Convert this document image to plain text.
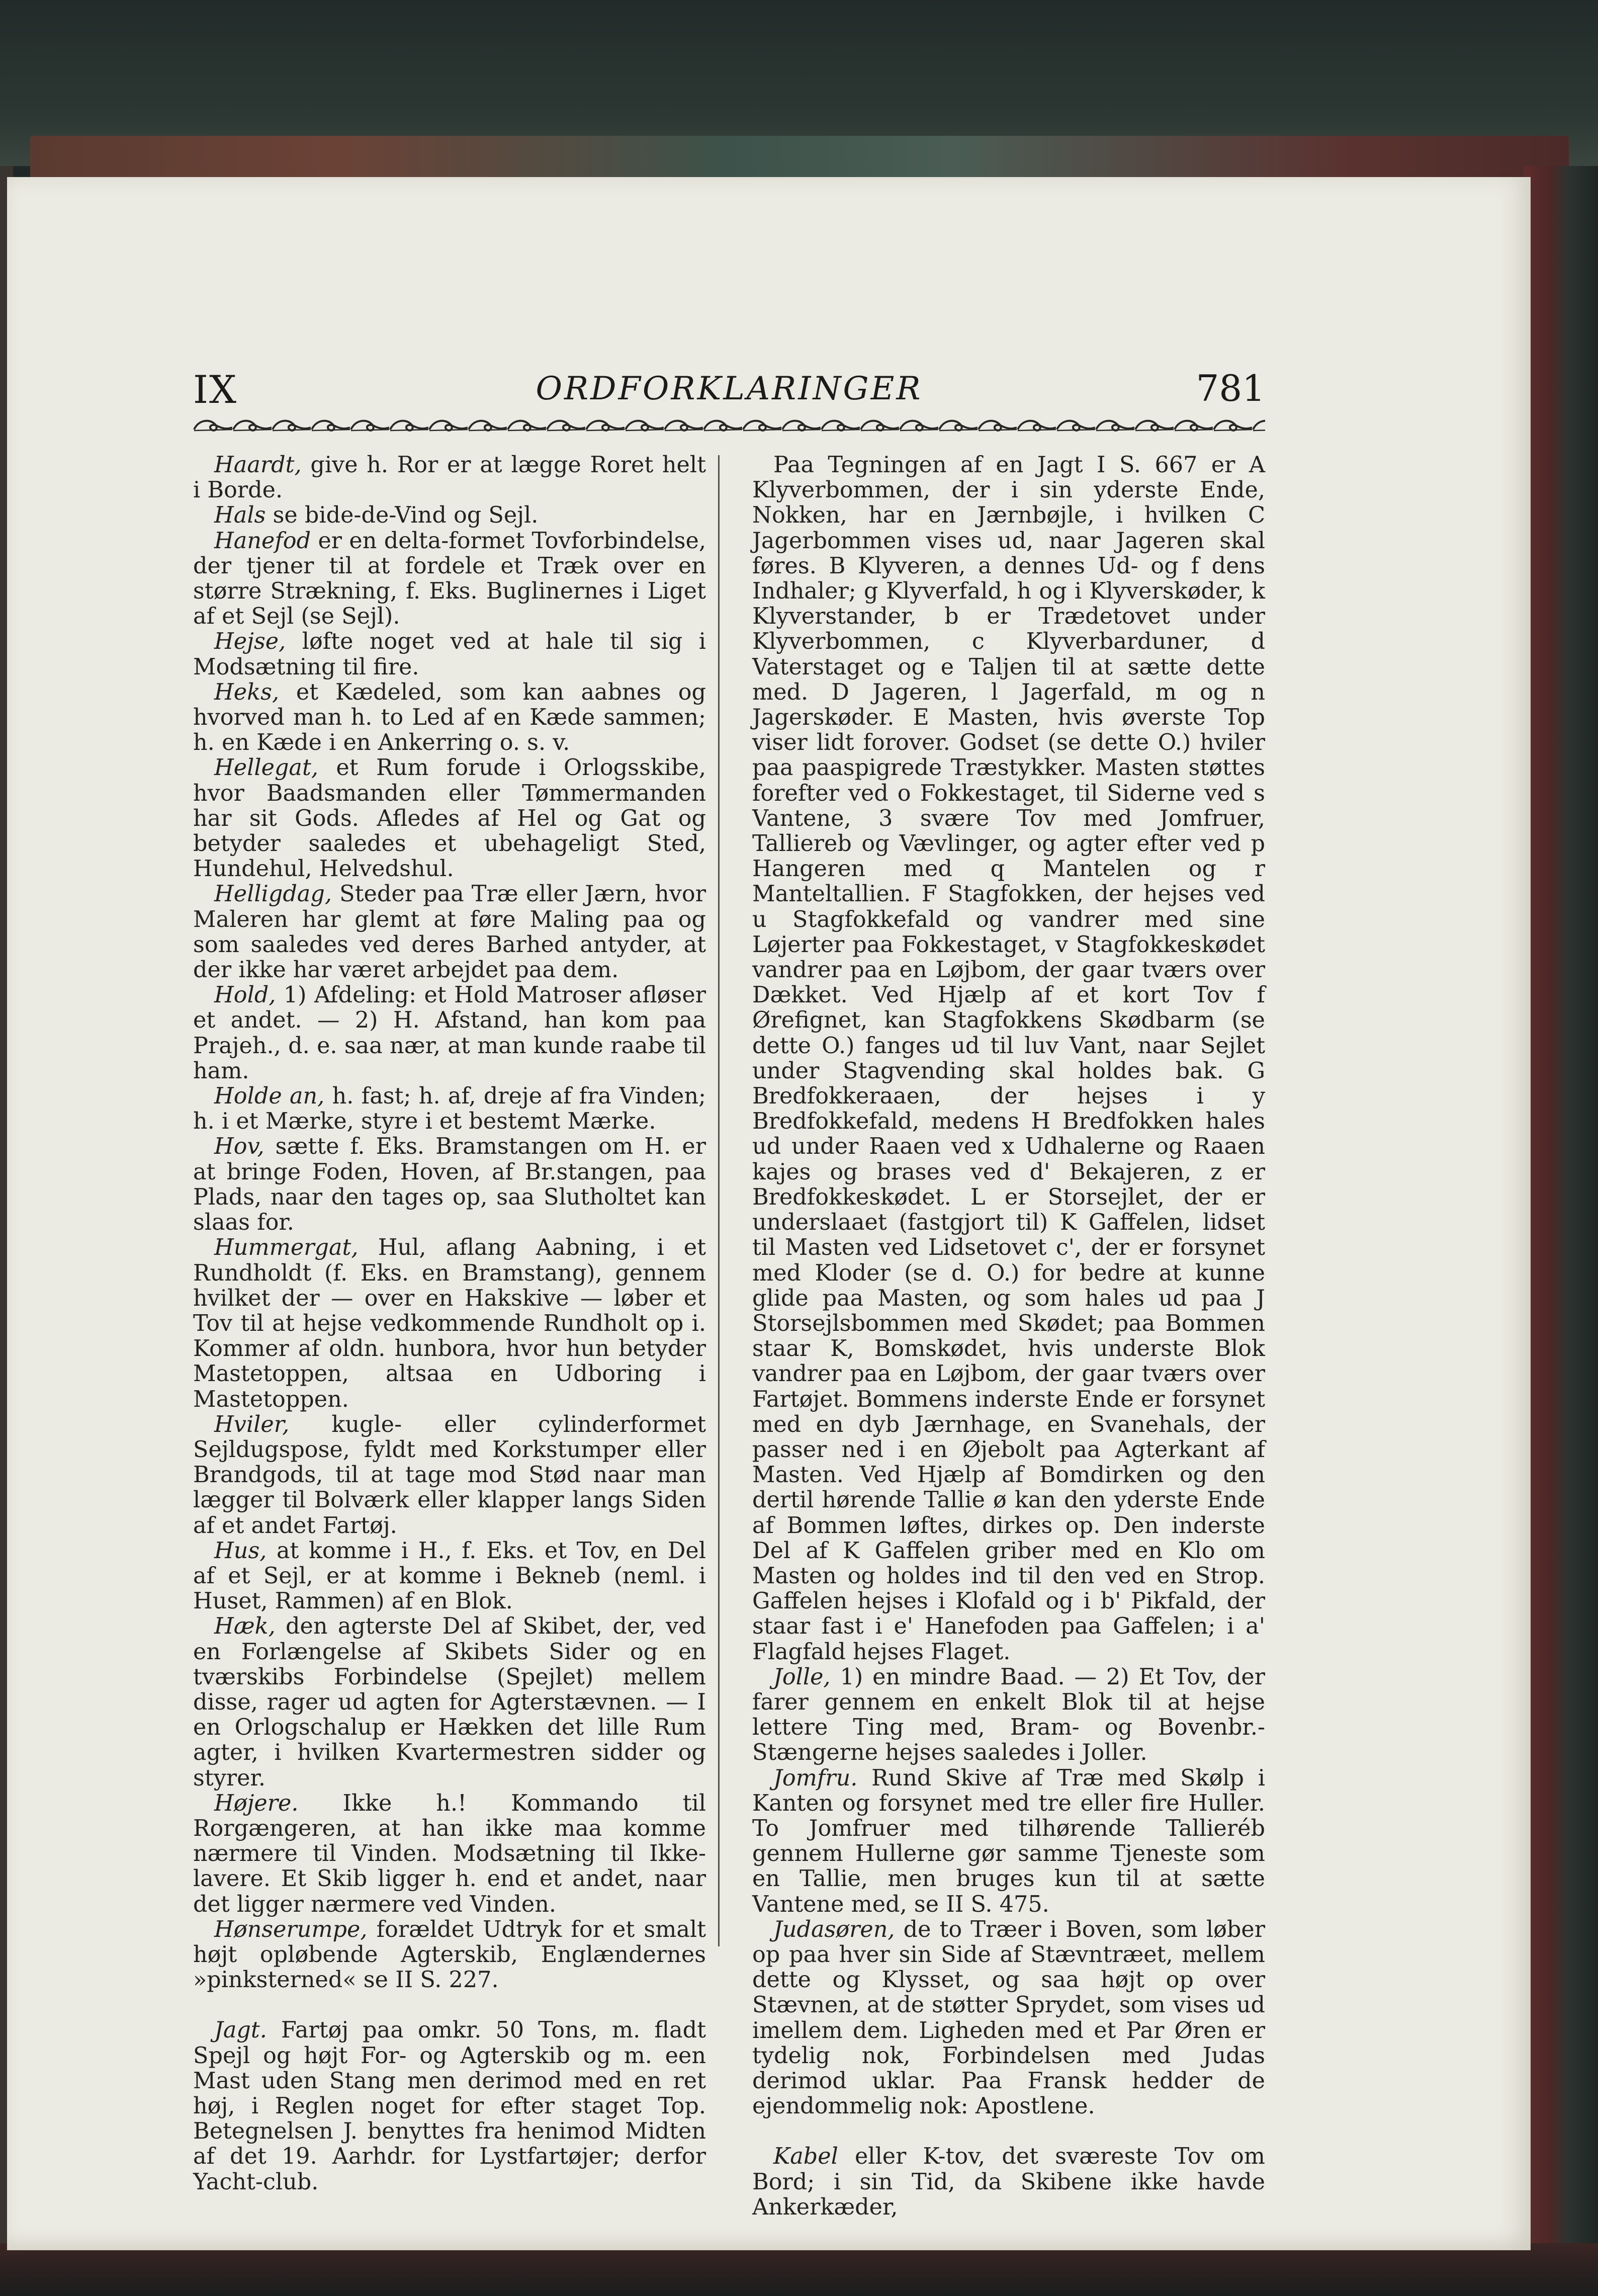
IX	ORDFORKLARINGER	781

Haardt, give h. Ror er at lægge Roret helt i Borde.

Hals se bide-de-Vind og Sejl.

Hanefod er en delta-formet Tovforbindelse, der tjener til at fordele et Træk over en større Strækning, f. Eks. Buglinernes i Liget af et Sejl (se Sejl).

Hejse, løfte noget ved at hale til sig i Modsætning til fire.

Heks, et Kædeled, som kan aabnes og hvorved man h. to Led af en Kæde sammen; h. en Kæde i en Ankerring o. s. v.

Hellegat, et Rum forude i Orlogsskibe, hvor Baadsmanden eller Tømmermanden har sit Gods. Afledes af Hel og Gat og betyder saaledes et ubehageligt Sted, Hundehul, Helvedshul.

Helligdag, Steder paa Træ eller Jærn, hvor Maleren har glemt at føre Maling paa og som saaledes ved deres Barhed antyder, at der ikke har været arbejdet paa dem.

Hold, 1) Afdeling: et Hold Matroser afløser et andet. — 2) H. Afstand, han kom paa Prajeh., d. e. saa nær, at man kunde raabe til ham.

Holde an, h. fast; h. af, dreje af fra Vinden; h. i et Mærke, styre i et bestemt Mærke.

Hov, sætte f. Eks. Bramstangen om H. er at bringe Foden, Hoven, af Br.stangen, paa Plads, naar den tages op, saa Slutholtet kan slaas for.

Hummergat, Hul, aflang Aabning, i et Rundholdt (f. Eks. en Bramstang), gennem hvilket der — over en Hakskive — løber et Tov til at hejse vedkommende Rundholt op i. Kommer af oldn. hunbora, hvor hun betyder Mastetoppen, altsaa en Udboring i Mastetoppen.

Hviler, kugle- eller cylinderformet Sejldugspose, fyldt med Korkstumper eller Brandgods, til at tage mod Stød naar man lægger til Bolværk eller klapper langs Siden af et andet Fartøj.

Hus, at komme i H., f. Eks. et Tov, en Del af et Sejl, er at komme i Bekneb (neml. i Huset, Rammen) af en Blok.

Hæk, den agterste Del af Skibet, der, ved en Forlængelse af Skibets Sider og en tværskibs Forbindelse (Spejlet) mellem disse, rager ud agten for Agterstævnen. — I en Orlogschalup er Hækken det lille Rum agter, i hvilken Kvartermestren sidder og styrer.

Højere. Ikke h.! Kommando til Rorgængeren, at han ikke maa komme nærmere til Vinden. Modsætning til Ikke-lavere. Et Skib ligger h. end et andet, naar det ligger nærmere ved Vinden.

Hønserumpe, forældet Udtryk for et smalt højt opløbende Agterskib, Englændernes »pinksterned« se II S. 227.

Jagt. Fartøj paa omkr. 50 Tons, m. fladt Spejl og højt For- og Agterskib og m. een Mast uden Stang men derimod med en ret høj, i Reglen noget for efter staget Top. Betegnelsen J. benyttes fra henimod Midten af det 19. Aarhdr. for Lystfartøjer; derfor Yacht-club.

Paa Tegningen af en Jagt I S. 667 er A Klyverbommen, der i sin yderste Ende, Nokken, har en Jærnbøjle, i hvilken C Jagerbommen vises ud, naar Jageren skal føres. B Klyveren, a dennes Ud- og f dens Indhaler; g Klyverfald, h og i Klyverskøder, k Klyverstander, b er Trædetovet under Klyverbommen, c Klyverbarduner, d Vaterstaget og e Taljen til at sætte dette med. D Jageren, l Jagerfald, m og n Jagerskøder. E Masten, hvis øverste Top viser lidt forover. Godset (se dette O.) hviler paa paaspigrede Træstykker. Masten støttes forefter ved o Fokkestaget, til Siderne ved s Vantene, 3 svære Tov med Jomfruer, Talliereb og Vævlinger, og agter efter ved p Hangeren med q Mantelen og r Manteltallien. F Stagfokken, der hejses ved u Stagfokkefald og vandrer med sine Løjerter paa Fokkestaget, v Stagfokkeskødet vandrer paa en Løjbom, der gaar tværs over Dækket. Ved Hjælp af et kort Tov f Ørefignet, kan Stagfokkens Skødbarm (se dette O.) fanges ud til luv Vant, naar Sejlet under Stagvending skal holdes bak. G Bredfokkeraaen, der hejses i y Bredfokkefald, medens H Bredfokken hales ud under Raaen ved x Udhalerne og Raaen kajes og brases ved d' Bekajeren, z er Bredfokkeskødet. L er Storsejlet, der er underslaaet (fastgjort til) K Gaffelen, lidset til Masten ved Lidsetovet c', der er forsynet med Kloder (se d. O.) for bedre at kunne glide paa Masten, og som hales ud paa J Storsejlsbommen med Skødet; paa Bommen staar K, Bomskødet, hvis underste Blok vandrer paa en Løjbom, der gaar tværs over Fartøjet. Bommens inderste Ende er forsynet med en dyb Jærnhage, en Svanehals, der passer ned i en Øjebolt paa Agterkant af Masten. Ved Hjælp af Bomdirken og den dertil hørende Tallie ø kan den yderste Ende af Bommen løftes, dirkes op. Den inderste Del af K Gaffelen griber med en Klo om Masten og holdes ind til den ved en Strop. Gaffelen hejses i Klofald og i b' Pikfald, der staar fast i e' Hanefoden paa Gaffelen; i a' Flagfald hejses Flaget.

Jolle, 1) en mindre Baad. — 2) Et Tov, der farer gennem en enkelt Blok til at hejse lettere Ting med, Bram- og Bovenbr.-Stængerne hejses saaledes i Joller.

Jomfru. Rund Skive af Træ med Skølp i Kanten og forsynet med tre eller fire Huller. To Jomfruer med tilhørende Tallieréb gennem Hullerne gør samme Tjeneste som en Tallie, men bruges kun til at sætte Vantene med, se II S. 475.

Judasøren, de to Træer i Boven, som løber op paa hver sin Side af Stævntræet, mellem dette og Klysset, og saa højt op over Stævnen, at de støtter Sprydet, som vises ud imellem dem. Ligheden med et Par Øren er tydelig nok, Forbindelsen med Judas derimod uklar. Paa Fransk hedder de ejendommelig nok: Apostlene.

Kabel eller K-tov, det sværeste Tov om Bord; i sin Tid, da Skibene ikke havde Ankerkæder,
